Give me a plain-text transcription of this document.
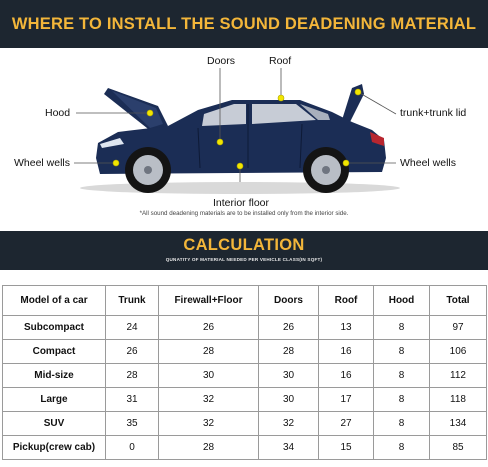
WHERE TO INSTALL THE SOUND DEADENING MATERIAL
Doors	Roof
Hood	trunk+trunk lid
Wheel wells	Wheel wells
Interior floor
*All sound deadening materials are to be installed only from the interior side.
CALCULATION
QUNATITY OF MATERIAL NEEDED PER VEHICLE CLASS(IN SQFT)
Model of a car	Trunk	Firewall+Floor	Doors	Roof	Hood	Total
Subcompact	24	26	26	13	8	97
Compact	26	28	28	16	8	106
Mid-size	28	30	30	16	8	112
Large	31	32	30	17	8	118
SUV	35	32	32	27	8	134
Pickup(crew cab)	0	28	34	15	8	85
